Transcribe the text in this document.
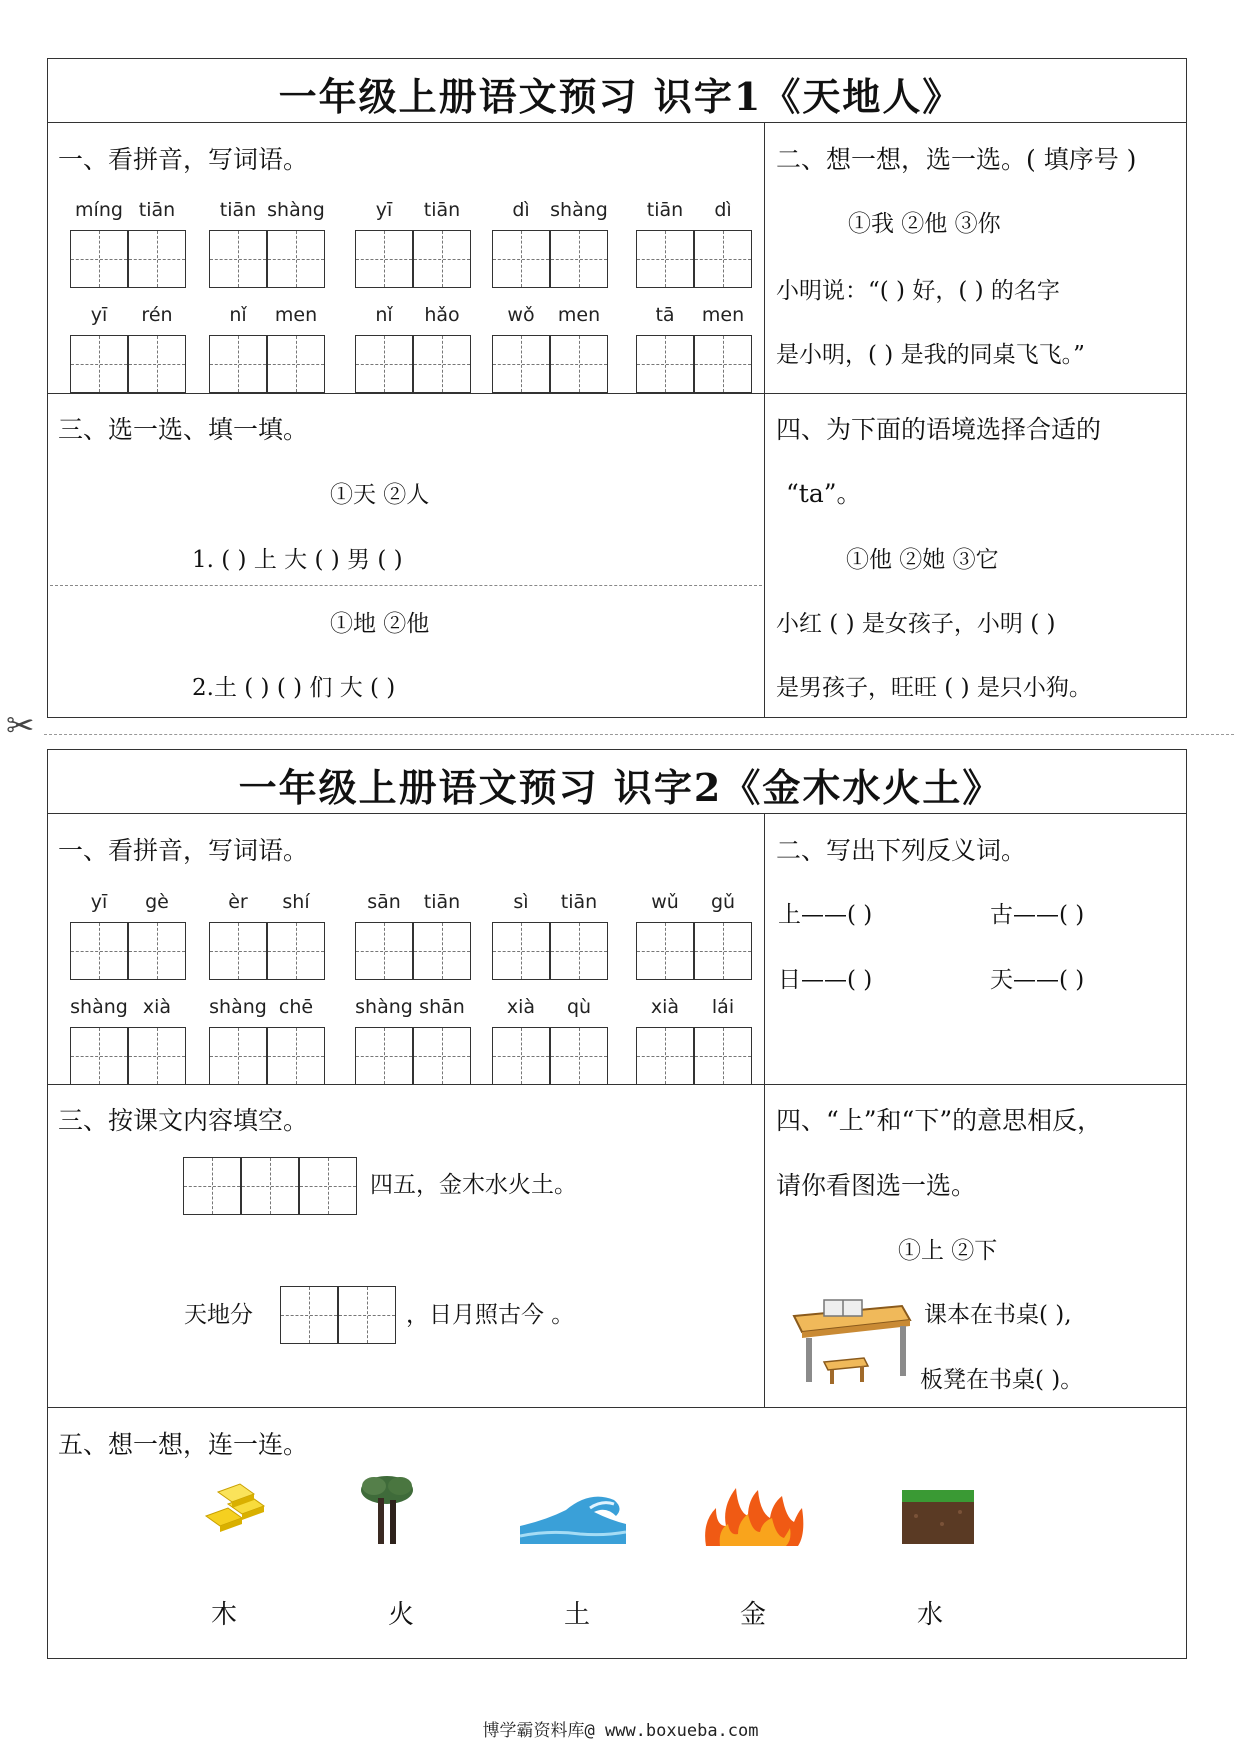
一年级上册语文预习 识字1《天地人》
一、看拼音，写词语。
míng tiān	tiān shàng	yī	tiān	dì	shàng	tiān	dì
yī	rén	nǐ	men	nǐ	hǎo	wǒ	men	tā	men
二、想一想，选一选。( 填序号 )
①我 ②他 ③你
小明说：“( ) 好，( ) 的名字
是小明，( ) 是我的同桌飞飞。”
三、选一选、填一填。
①天 ②人
1. ( ) 上 大 ( ) 男 ( )
①地 ②他
2.土 ( ) ( ) 们 大 ( )
四、为下面的语境选择合适的
“ta”。
①他 ②她 ③它
小红 ( ) 是女孩子，小明 ( )
是男孩子，旺旺 ( ) 是只小狗。
✂
一年级上册语文预习 识字2《金木水火土》
一、看拼音，写词语。
yī	gè	èr	shí	sān	tiān	sì	tiān	wǔ	gǔ
shàng xià	shàng chē	shàng shān	xià	qù	xià	lái
二、写出下列反义词。
上——( )	古——( )
日——( )	天——( )
三、按课文内容填空。
四五，金木水火土。
天地分	，日月照古今 。
四、“上”和“下”的意思相反，
请你看图选一选。
①上 ②下
课本在书桌( ),
板凳在书桌( )。
五、想一想，连一连。
木	火	土	金	水
博学霸资料库@ www.boxueba.com
